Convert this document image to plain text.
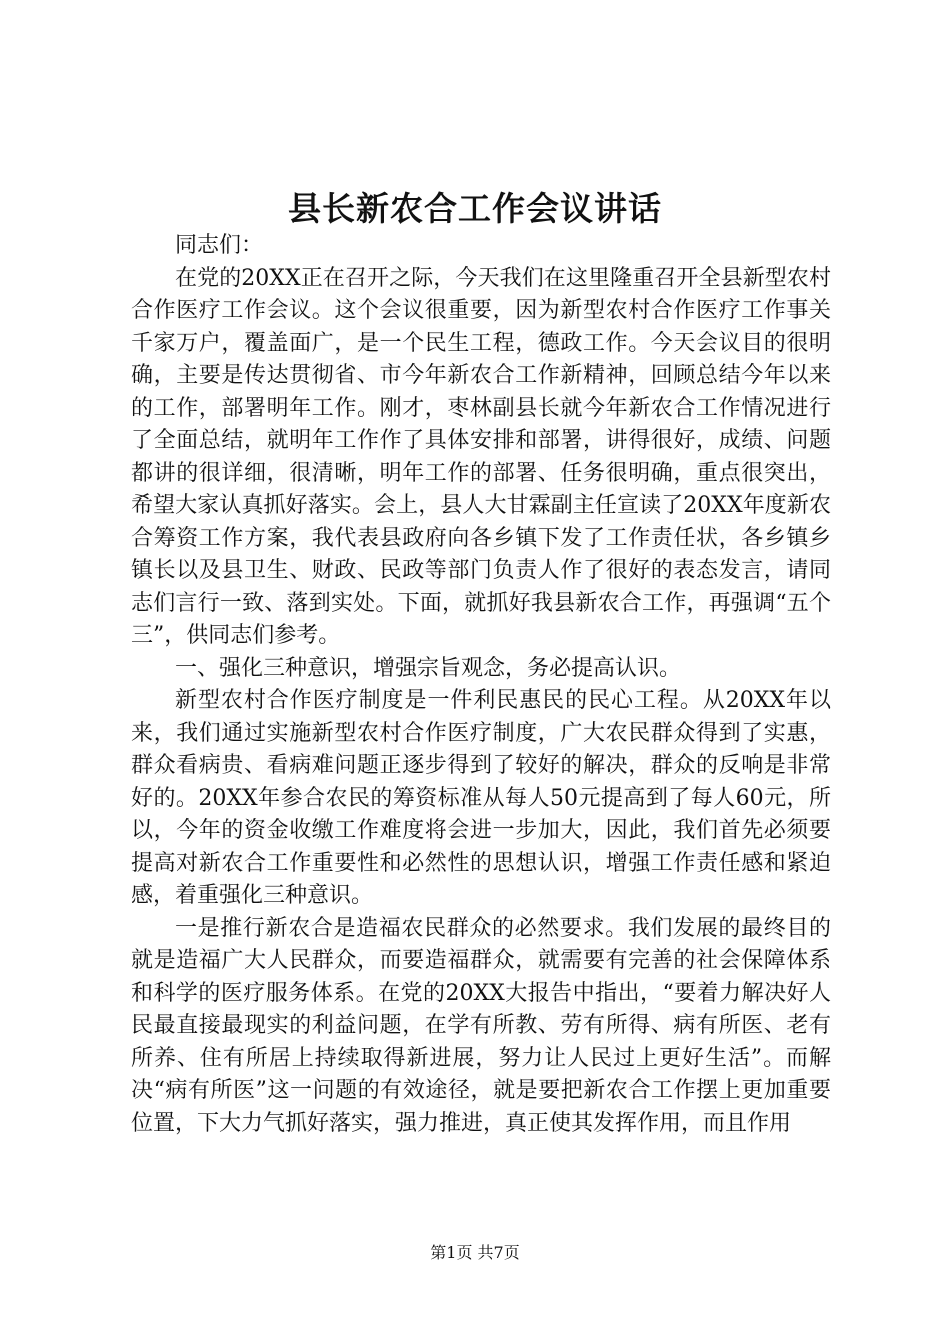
县长新农合工作会议讲话

同志们：

在党的20XX正在召开之际，今天我们在这里隆重召开全县新型农村合作医疗工作会议。这个会议很重要，因为新型农村合作医疗工作事关千家万户，覆盖面广，是一个民生工程，德政工作。今天会议目的很明确，主要是传达贯彻省、市今年新农合工作新精神，回顾总结今年以来的工作，部署明年工作。刚才，枣林副县长就今年新农合工作情况进行了全面总结，就明年工作作了具体安排和部署，讲得很好，成绩、问题都讲的很详细，很清晰，明年工作的部署、任务很明确，重点很突出，希望大家认真抓好落实。会上，县人大甘霖副主任宣读了20XX年度新农合筹资工作方案，我代表县政府向各乡镇下发了工作责任状，各乡镇乡镇长以及县卫生、财政、民政等部门负责人作了很好的表态发言，请同志们言行一致、落到实处。下面，就抓好我县新农合工作，再强调“五个三”，供同志们参考。

一、强化三种意识，增强宗旨观念，务必提高认识。

新型农村合作医疗制度是一件利民惠民的民心工程。从20XX年以来，我们通过实施新型农村合作医疗制度，广大农民群众得到了实惠，群众看病贵、看病难问题正逐步得到了较好的解决，群众的反响是非常好的。20XX年参合农民的筹资标准从每人50元提高到了每人60元，所以，今年的资金收缴工作难度将会进一步加大，因此，我们首先必须要提高对新农合工作重要性和必然性的思想认识，增强工作责任感和紧迫感，着重强化三种意识。

一是推行新农合是造福农民群众的必然要求。我们发展的最终目的就是造福广大人民群众，而要造福群众，就需要有完善的社会保障体系和科学的医疗服务体系。在党的20XX大报告中指出，“要着力解决好人民最直接最现实的利益问题，在学有所教、劳有所得、病有所医、老有所养、住有所居上持续取得新进展，努力让人民过上更好生活”。而解决“病有所医”这一问题的有效途径，就是要把新农合工作摆上更加重要位置，下大力气抓好落实，强力推进，真正使其发挥作用，而且作用

第1页 共7页
